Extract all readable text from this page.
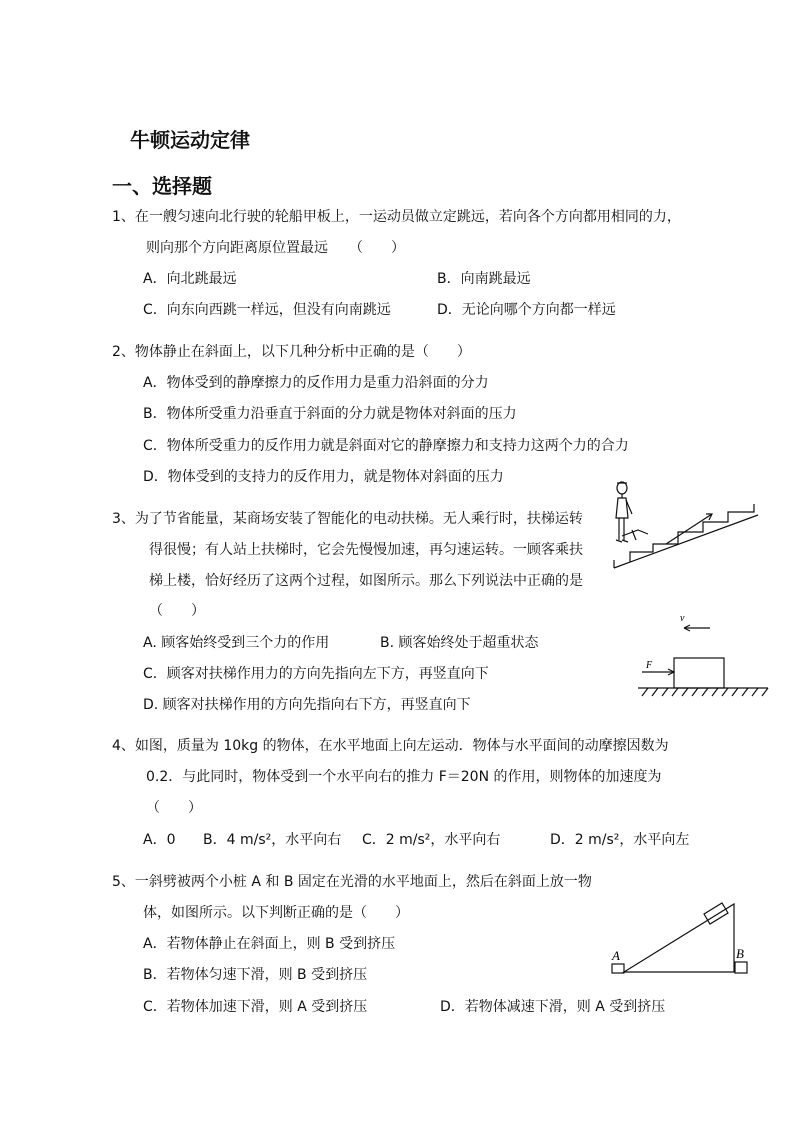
牛顿运动定律
一、选择题
1、在一艘匀速向北行驶的轮船甲板上，一运动员做立定跳远，若向各个方向都用相同的力，
则向那个方向距离原位置最远　　（　　）
A．向北跳最远	B．向南跳最远
C．向东向西跳一样远，但没有向南跳远	D．无论向哪个方向都一样远
2、物体静止在斜面上，以下几种分析中正确的是（　　）
A．物体受到的静摩擦力的反作用力是重力沿斜面的分力
B．物体所受重力沿垂直于斜面的分力就是物体对斜面的压力
C．物体所受重力的反作用力就是斜面对它的静摩擦力和支持力这两个力的合力
D．物体受到的支持力的反作用力，就是物体对斜面的压力
3、为了节省能量，某商场安装了智能化的电动扶梯。无人乘行时，扶梯运转
得很慢；有人站上扶梯时，它会先慢慢加速，再匀速运转。一顾客乘扶
梯上楼，恰好经历了这两个过程，如图所示。那么下列说法中正确的是
（　　）
A. 顾客始终受到三个力的作用	B. 顾客始终处于超重状态
C．顾客对扶梯作用力的方向先指向左下方，再竖直向下
D. 顾客对扶梯作用的方向先指向右下方，再竖直向下
v
F
4、如图，质量为 10kg 的物体，在水平地面上向左运动．物体与水平面间的动摩擦因数为
0.2．与此同时，物体受到一个水平向右的推力 F＝20N 的作用，则物体的加速度为
（　　）
A．0 B．4 m/s²，水平向右 C．2 m/s²，水平向右	D．2 m/s²，水平向左
5、一斜劈被两个小桩 A 和 B 固定在光滑的水平地面上，然后在斜面上放一物
体，如图所示。以下判断正确的是（　　）
A．若物体静止在斜面上，则 B 受到挤压
B．若物体匀速下滑，则 B 受到挤压
C．若物体加速下滑，则 A 受到挤压	D．若物体减速下滑，则 A 受到挤压
A	B
